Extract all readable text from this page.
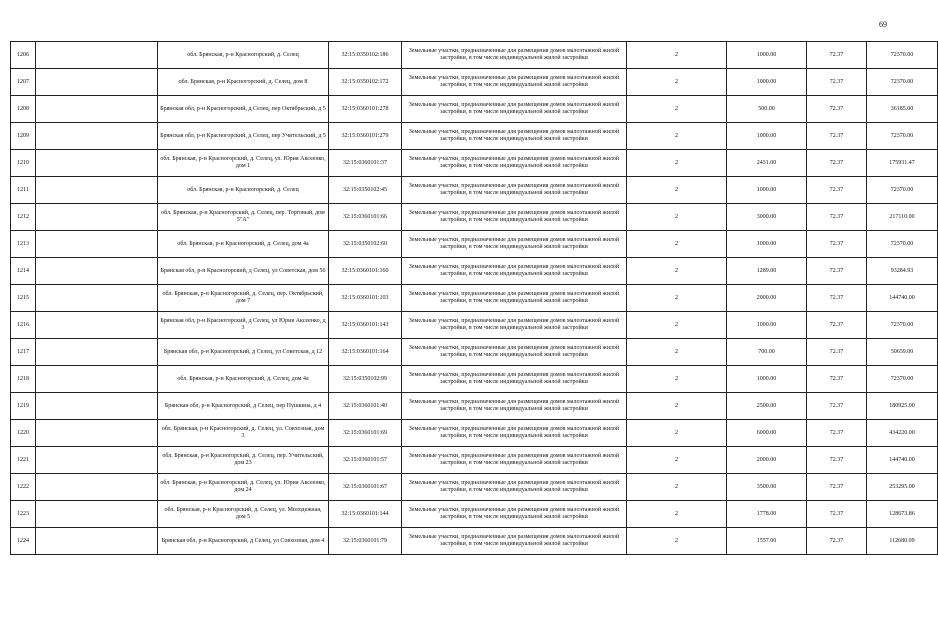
69
1206		обл. Брянская, р-н Красногорский, д. Селец	32:15:0350102:186	Земельные участки, предназначенные для размещения домов малоэтажной жилой застройки, в том числе индивидуальной жилой застройки	2	1000.00	72.37	72370.00
1207		обл. Брянская, р-н Красногорский, д. Селец, дом 8	32:15:0350102:172	Земельные участки, предназначенные для размещения домов малоэтажной жилой застройки, в том числе индивидуальной жилой застройки	2	1000.00	72.37	72370.00
1208		Брянская обл, р-н Красногорский, д Селец, пер Октябрьский, д 5	32:15:0360101:278	Земельные участки, предназначенные для размещения домов малоэтажной жилой застройки, в том числе индивидуальной жилой застройки	2	500.00	72.37	36185.00
1209		Брянская обл, р-н Красногорский, д Селец, пер Учительский, д 5	32:15:0360101:279	Земельные участки, предназначенные для размещения домов малоэтажной жилой застройки, в том числе индивидуальной жилой застройки	2	1000.00	72.37	72370.00
1210		обл. Брянская, р-н Красногорский, д. Селец, ул. Юрия Аксеенко, дом 1	32:15:0360101:37	Земельные участки, предназначенные для размещения домов малоэтажной жилой застройки, в том числе индивидуальной жилой застройки	2	2431.00	72.37	175931.47
1211		обл. Брянская, р-н Красногорский, д. Селец	32:15:0350102:45	Земельные участки, предназначенные для размещения домов малоэтажной жилой застройки, в том числе индивидуальной жилой застройки	2	1000.00	72.37	72370.00
1212		обл. Брянская, р-н Красногорский, д. Селец, пер. Торговый, дом 5"А"	32:15:0360101:66	Земельные участки, предназначенные для размещения домов малоэтажной жилой застройки, в том числе индивидуальной жилой застройки	2	3000.00	72.37	217110.00
1213		обл. Брянская, р-н Красногорский, д. Селец, дом 4а	32:15:0350102:60	Земельные участки, предназначенные для размещения домов малоэтажной жилой застройки, в том числе индивидуальной жилой застройки	2	1000.00	72.37	72370.00
1214		Брянская обл, р-н Красногорский, д Селец, ул Советская, дом 56	32:15:0360101:160	Земельные участки, предназначенные для размещения домов малоэтажной жилой застройки, в том числе индивидуальной жилой застройки	2	1289.00	72.37	93284.93
1215		обл. Брянская, р-н Красногорский, д. Селец, пер. Октябрьский, дом 7	32:15:0360101:103	Земельные участки, предназначенные для размещения домов малоэтажной жилой застройки, в том числе индивидуальной жилой застройки	2	2000.00	72.37	144740.00
1216		Брянская обл, р-н Красногорский, д Селец, ул Юрия Аксеенко, д 3	32:15:0360101:143	Земельные участки, предназначенные для размещения домов малоэтажной жилой застройки, в том числе индивидуальной жилой застройки	2	1000.00	72.37	72370.00
1217		Брянская обл, р-н Красногорский, д Селец, ул Советская, д 12	32:15:0360101:164	Земельные участки, предназначенные для размещения домов малоэтажной жилой застройки, в том числе индивидуальной жилой застройки	2	700.00	72.37	50659.00
1218		обл. Брянская, р-н Красногорский, д. Селец, дом 4а	32:15:0350102:99	Земельные участки, предназначенные для размещения домов малоэтажной жилой застройки, в том числе индивидуальной жилой застройки	2	1000.00	72.37	72370.00
1219		Брянская обл, р-н Красногорский, д Селец, пер Пушкина, д 4	32:15:0360101:40	Земельные участки, предназначенные для размещения домов малоэтажной жилой застройки, в том числе индивидуальной жилой застройки	2	2500.00	72.37	180925.00
1220		обл. Брянская, р-н Красногорский, д. Селец, ул. Совхозная, дом 3	32:15:0360101:69	Земельные участки, предназначенные для размещения домов малоэтажной жилой застройки, в том числе индивидуальной жилой застройки	2	6000.00	72.37	434220.00
1221		обл. Брянская, р-н Красногорский, д. Селец, пер. Учительский, дом 23	32:15:0360101:57	Земельные участки, предназначенные для размещения домов малоэтажной жилой застройки, в том числе индивидуальной жилой застройки	2	2000.00	72.37	144740.00
1222		обл. Брянская, р-н Красногорский, д. Селец, ул. Юрия Аксеенко, дом 24	32:15:0360101:67	Земельные участки, предназначенные для размещения домов малоэтажной жилой застройки, в том числе индивидуальной жилой застройки	2	3500.00	72.37	253295.00
1223		обл. Брянская, р-н Красногорский, д. Селец, ул. Молодежная, дом 5	32:15:0360101:144	Земельные участки, предназначенные для размещения домов малоэтажной жилой застройки, в том числе индивидуальной жилой застройки	2	1778.00	72.37	128673.86
1224		Брянская обл, р-н Красногорский, д Селец, ул Совхозная, дом 4	32:15:0360101:79	Земельные участки, предназначенные для размещения домов малоэтажной жилой застройки, в том числе индивидуальной жилой застройки	2	1557.00	72.37	112680.09
